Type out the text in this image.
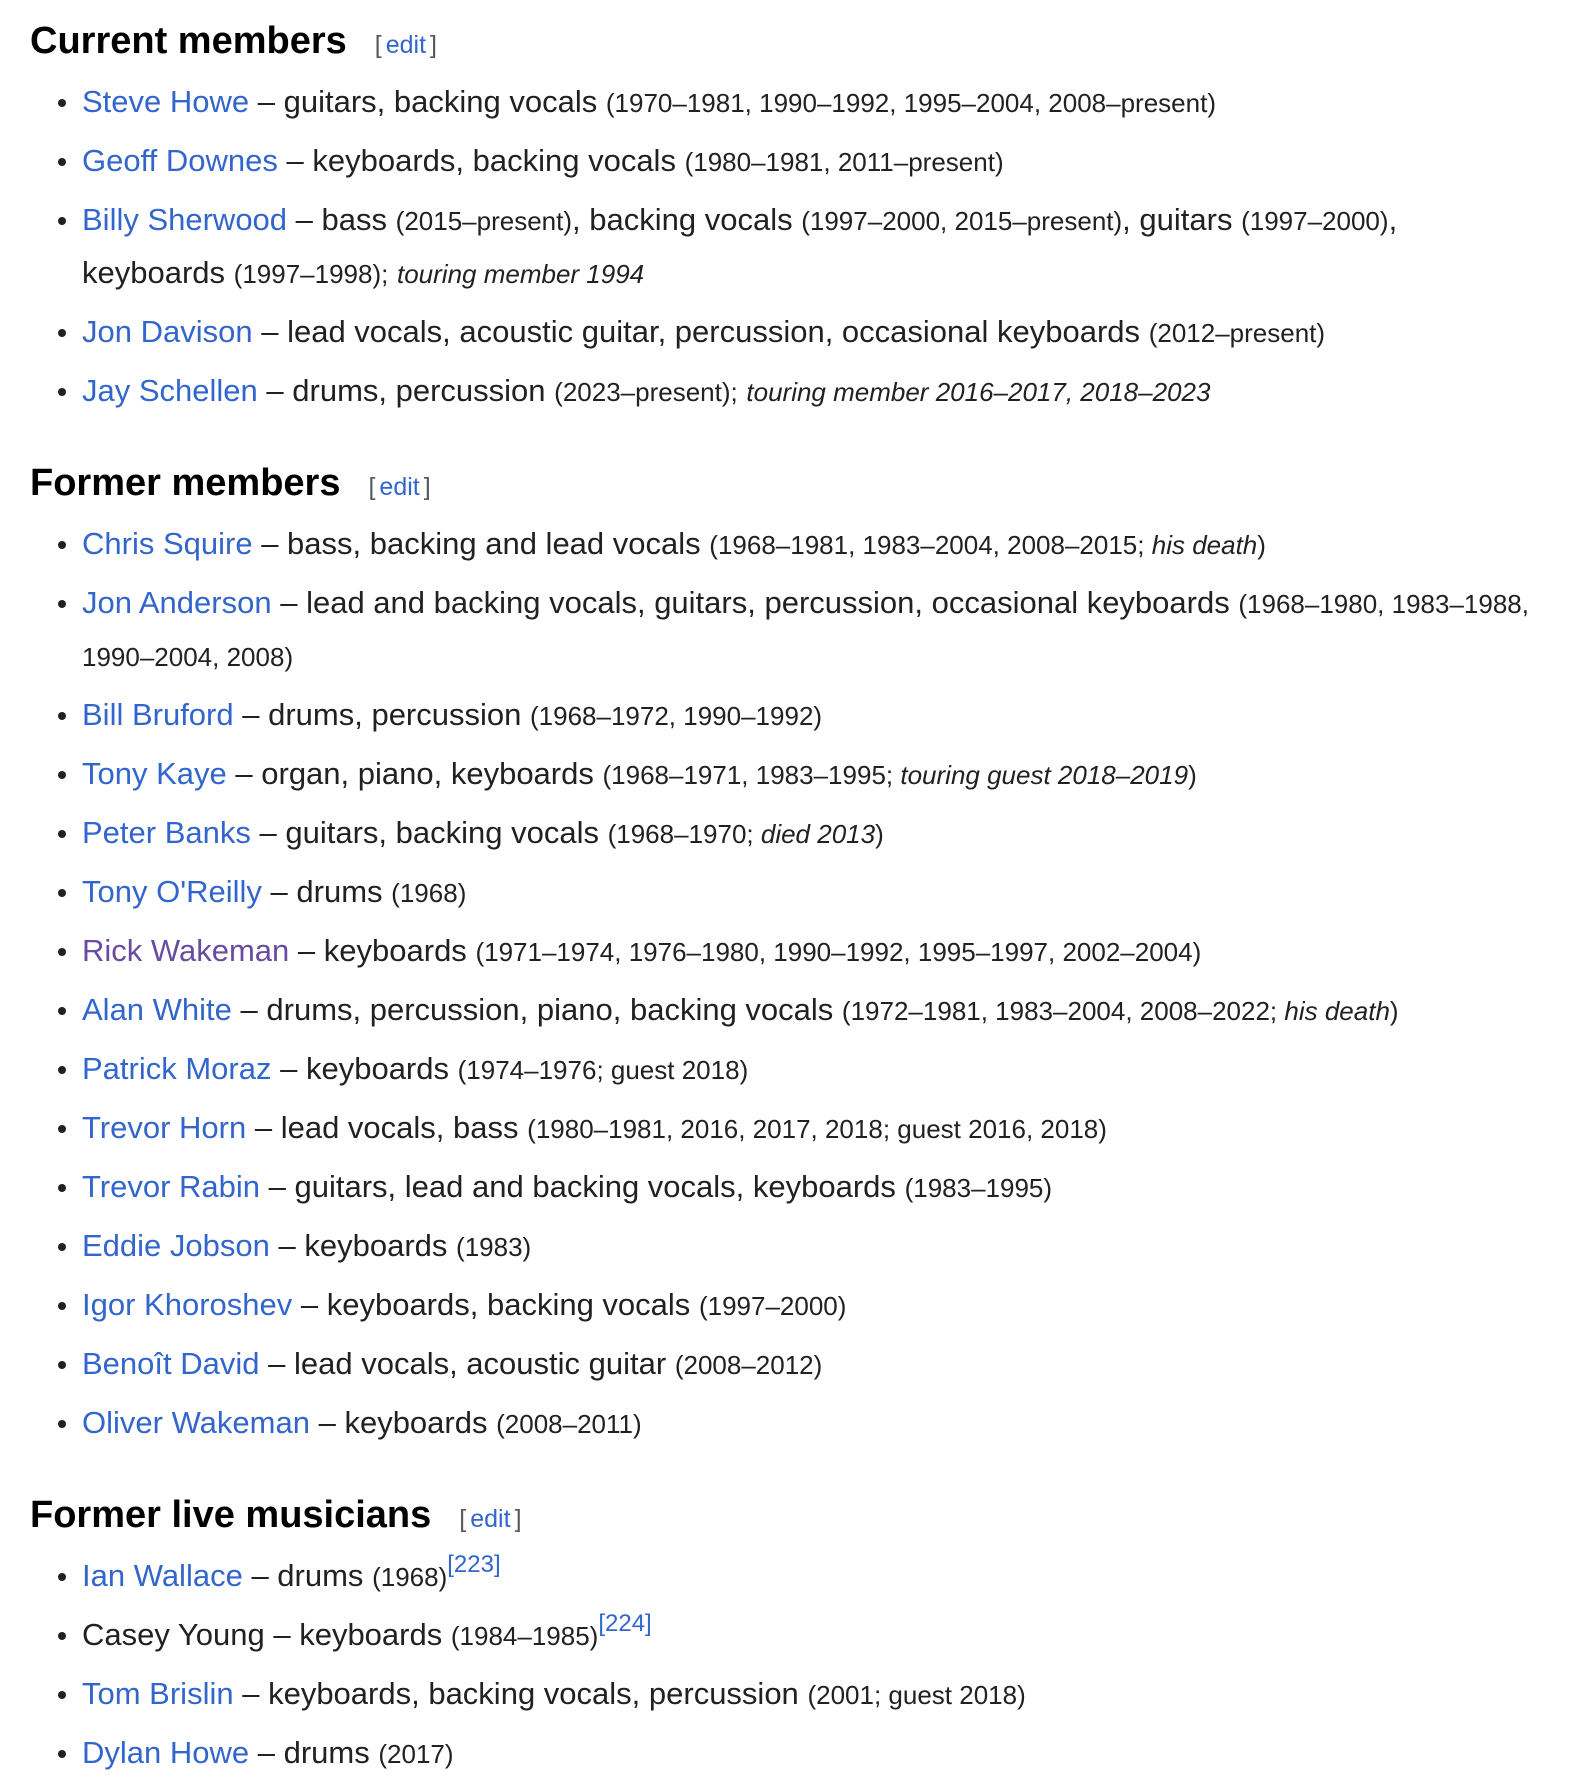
Current members [ edit ]
Steve Howe – guitars, backing vocals (1970–1981, 1990–1992, 1995–2004, 2008–present)
Geoff Downes – keyboards, backing vocals (1980–1981, 2011–present)
Billy Sherwood – bass (2015–present), backing vocals (1997–2000, 2015–present), guitars (1997–2000), keyboards (1997–1998); touring member 1994
Jon Davison – lead vocals, acoustic guitar, percussion, occasional keyboards (2012–present)
Jay Schellen – drums, percussion (2023–present); touring member 2016–2017, 2018–2023
Former members [ edit ]
Chris Squire – bass, backing and lead vocals (1968–1981, 1983–2004, 2008–2015; his death)
Jon Anderson – lead and backing vocals, guitars, percussion, occasional keyboards (1968–1980, 1983–1988, 1990–2004, 2008)
Bill Bruford – drums, percussion (1968–1972, 1990–1992)
Tony Kaye – organ, piano, keyboards (1968–1971, 1983–1995; touring guest 2018–2019)
Peter Banks – guitars, backing vocals (1968–1970; died 2013)
Tony O'Reilly – drums (1968)
Rick Wakeman – keyboards (1971–1974, 1976–1980, 1990–1992, 1995–1997, 2002–2004)
Alan White – drums, percussion, piano, backing vocals (1972–1981, 1983–2004, 2008–2022; his death)
Patrick Moraz – keyboards (1974–1976; guest 2018)
Trevor Horn – lead vocals, bass (1980–1981, 2016, 2017, 2018; guest 2016, 2018)
Trevor Rabin – guitars, lead and backing vocals, keyboards (1983–1995)
Eddie Jobson – keyboards (1983)
Igor Khoroshev – keyboards, backing vocals (1997–2000)
Benoît David – lead vocals, acoustic guitar (2008–2012)
Oliver Wakeman – keyboards (2008–2011)
Former live musicians [ edit ]
Ian Wallace – drums (1968)[223]
Casey Young – keyboards (1984–1985)[224]
Tom Brislin – keyboards, backing vocals, percussion (2001; guest 2018)
Dylan Howe – drums (2017)
